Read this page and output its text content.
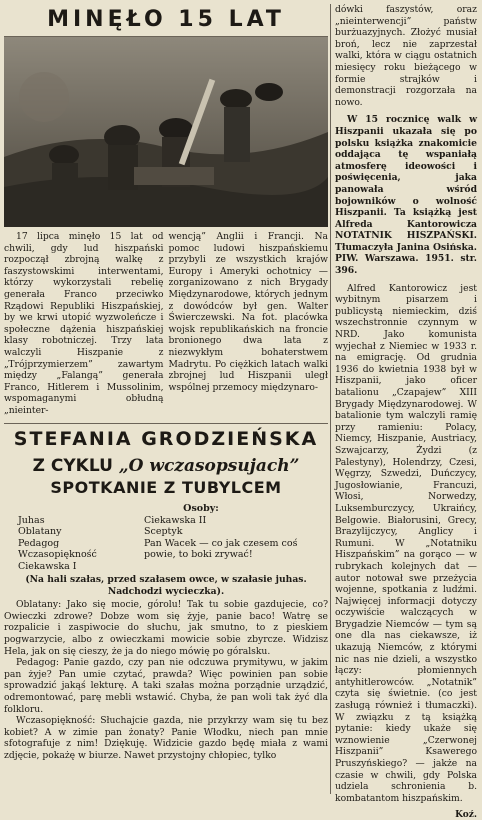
MINĘŁO 15 LAT

17 lipca minęło 15 lat od chwili, gdy lud hiszpański rozpoczął zbrojną walkę z faszystowskimi interwentami, którzy wykorzystali rebelię generała Franco przeciwko Rządowi Republiki Hiszpańskiej, by we krwi utopić wyzwoleńcze i społeczne dążenia hiszpańskiej klasy robotniczej. Trzy lata walczyli Hiszpanie z „Trójprzymierzem” zawartym między „Falangą” generała Franco, Hitlerem i Mussolinim, wspomaganymi obłudną „nieinter-

wencją” Anglii i Francji. Na pomoc ludowi hiszpańskiemu przybyli ze wszystkich krajów Europy i Ameryki ochotnicy — zorganizowano z nich Brygady Międzynarodowe, których jednym z dowódców był gen. Walter Świerczewski. Na fot. placówka wojsk republikańskich na froncie bronionego dwa lata z niezwykłym bohaterstwem Madrytu. Po ciężkich latach walki zbrojnej lud Hiszpanii uległ wspólnej przemocy międzynaro-

STEFANIA GRODZIEŃSKA
Z CYKLU „O wczasopsujach”
SPOTKANIE Z TUBYLCEM
Osoby:
Juhas
Oblatany
Pedagog
Wczasopiękność
Ciekawska I
Ciekawska II
Sceptyk
Pan Wacek — co jak czesem coś powie, to boki zrywać!

(Na hali szałas, przed szałasem owce, w szałasie juhas. Nadchodzi wycieczka).

Oblatany: Jako się mocie, górolu! Tak tu sobie gazdujecie, co? Owieczki zdrowe? Dobze wom się żyje, panie baco! Watrę se rozpalicie i zaspiwocie do słuchu, jak smutno, to z pieskiem pogwarzycie, albo z owieczkami mowicie sobie zbyrcze. Widzisz Hela, jak on się cieszy, że ja do niego mówię po góralsku.

Pedagog: Panie gazdo, czy pan nie odczuwa prymitywu, w jakim pan żyje? Pan umie czytać, prawda? Więc powinien pan sobie sprowadzić jakąś lekturę. A taki szałas można porządnie urządzić, odremontować, parę mebli wstawić. Chyba, że pan woli tak żyć dla folkloru.

Wczasopiękność: Słuchajcie gazda, nie przykrzy wam się tu bez kobiet? A w zimie pan żonaty? Panie Włodku, niech pan mnie sfotografuje z nim! Dziękuję. Widzicie gazdo będę miała z wami zdjęcie, pokażę w biurze. Nawet przystojny chłopiec, tylko

dówki faszystów, oraz „nieinterwencji” państw burżuazyjnych. Złożyć musiał broń, lecz nie zaprzestał walki, która w ciągu ostatnich miesięcy roku bieżącego w formie strajków i demonstracji rozgorzała na nowo.

W 15 rocznicę walk w Hiszpanii ukazała się po polsku książka znakomicie oddająca tę wspaniałą atmosferę ideowości i poświęcenia, jaka panowała wśród bojowników o wolność Hiszpanii. Ta książką jest Alfreda Kantorowicza NOTATNIK HISZPAŃSKI. Tłumaczyła Janina Osińska. PIW. Warszawa. 1951. str. 396.

Alfred Kantorowicz jest wybitnym pisarzem i publicystą niemieckim, dziś wszechstronnie czynnym w NRD. Jako komunista wyjechał z Niemiec w 1933 r. na emigrację. Od grudnia 1936 do kwietnia 1938 był w Hiszpanii, jako oficer batalionu „Czapajew” XIII Brygady Międzynarodowej. W batalionie tym walczyli ramię przy ramieniu: Polacy, Niemcy, Hiszpanie, Austriacy, Szwajcarzy, Żydzi (z Palestyny), Holendrzy, Czesi, Węgrzy, Szwedzi, Duńczycy, Jugosłowianie, Francuzi, Włosi, Norwedzy, Luksemburczycy, Ukraińcy, Belgowie. Białorusini, Grecy, Brazylijczycy, Anglicy i Rumuni. W „Notatniku Hiszpańskim” na gorąco — w rubrykach kolejnych dat — autor notował swe przeżycia wojenne, spotkania z ludźmi. Najwięcej informacji dotyczy oczywiście walczących w Brygadzie Niemców — tym są one dla nas ciekawsze, iż ukazują Niemców, z którymi nic nas nie dzieli, a wszystko łączy: płomiennych antyhitlerowców. „Notatnik” czyta się świetnie. (co jest zasługą również i tłumaczki). W związku z tą książką pytanie: kiedy ukaże się wznowienie „Czerwonej Hiszpanii” Ksawerego Pruszyńskiego? — jakże na czasie w chwili, gdy Polska udziela schronienia b. kombatantom hiszpańskim.

Koź.
